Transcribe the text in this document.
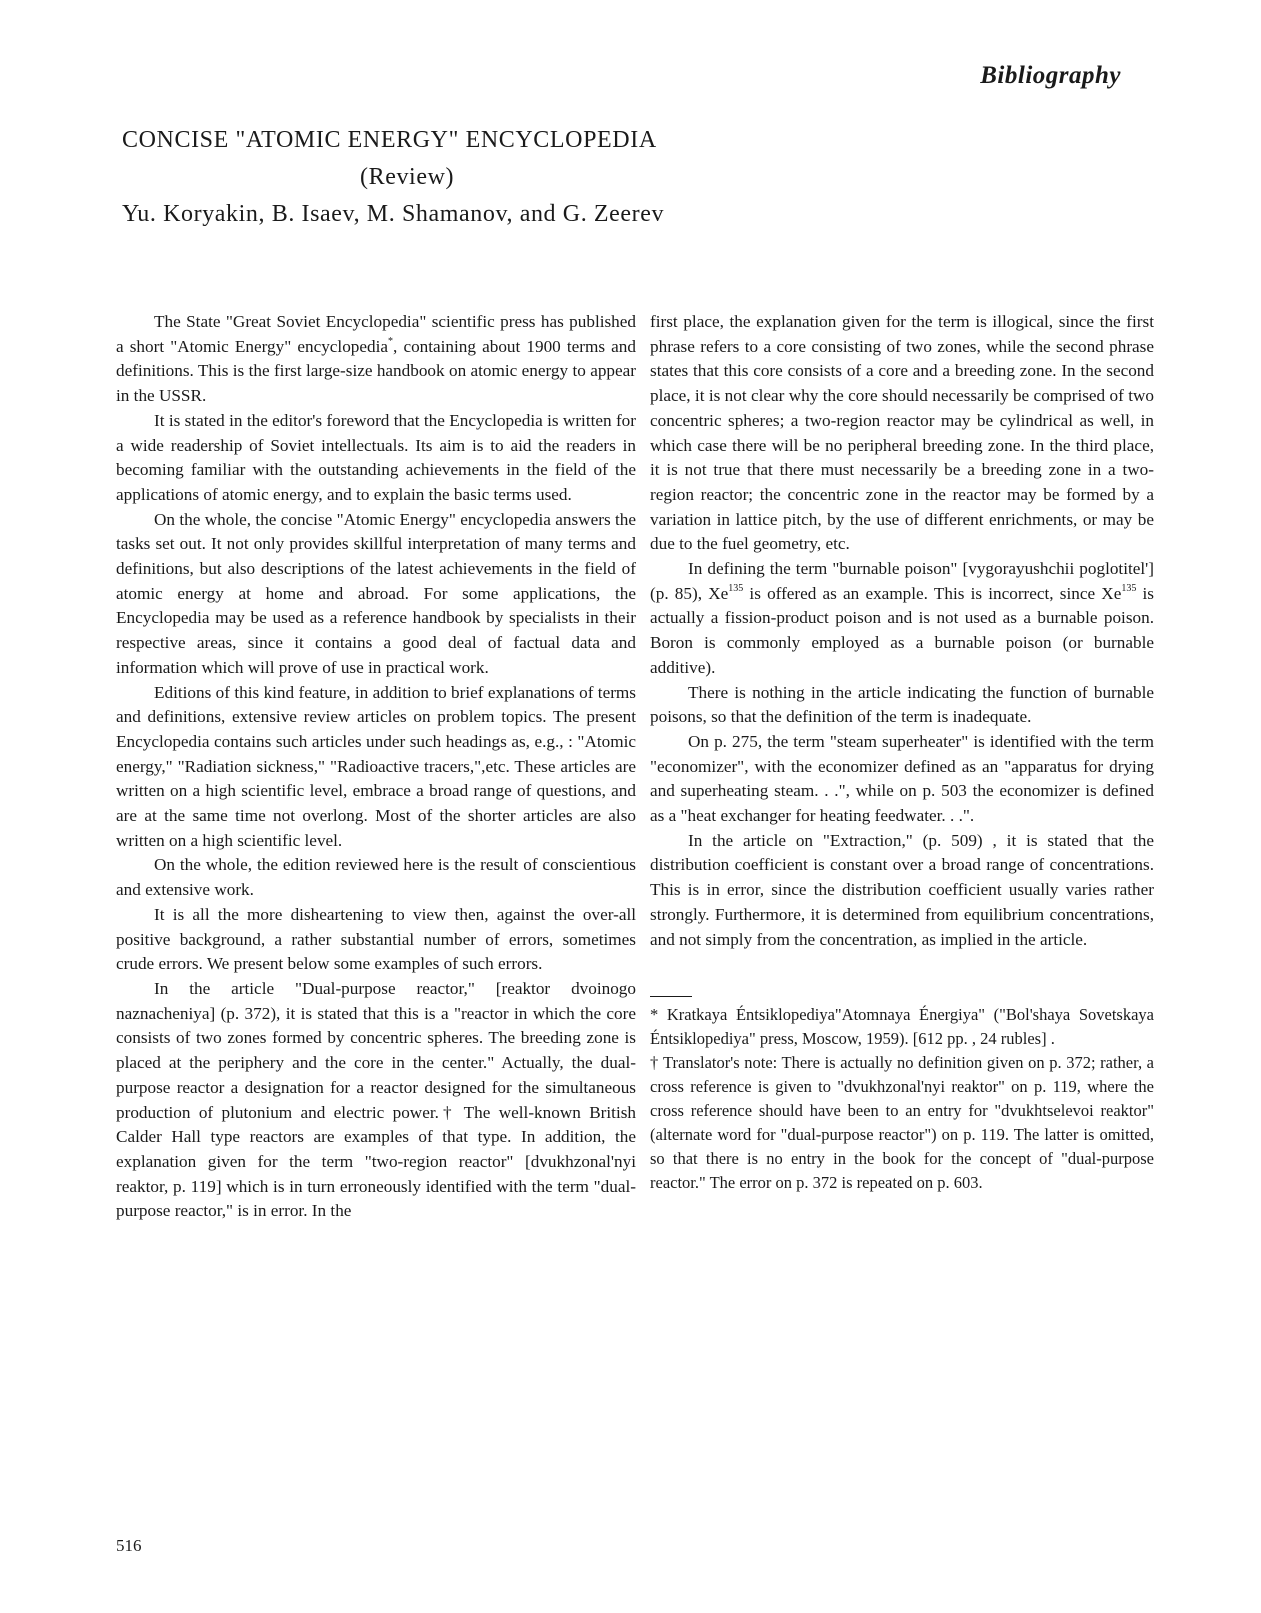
Bibliography
CONCISE "ATOMIC ENERGY" ENCYCLOPEDIA
(Review)
Yu. Koryakin, B. Isaev, M. Shamanov, and G. Zeerev

The State "Great Soviet Encyclopedia" scientific press has published a short "Atomic Energy" encyclopedia*, containing about 1900 terms and definitions. This is the first large-size handbook on atomic energy to appear in the USSR.

It is stated in the editor's foreword that the Encyclopedia is written for a wide readership of Soviet intellectuals. Its aim is to aid the readers in becoming familiar with the outstanding achievements in the field of the applications of atomic energy, and to explain the basic terms used.

On the whole, the concise "Atomic Energy" encyclopedia answers the tasks set out. It not only provides skillful interpretation of many terms and definitions, but also descriptions of the latest achievements in the field of atomic energy at home and abroad. For some applications, the Encyclopedia may be used as a reference handbook by specialists in their respective areas, since it contains a good deal of factual data and information which will prove of use in practical work.

Editions of this kind feature, in addition to brief explanations of terms and definitions, extensive review articles on problem topics. The present Encyclopedia contains such articles under such headings as, e.g., : "Atomic energy," "Radiation sickness," "Radioactive tracers,",etc. These articles are written on a high scientific level, embrace a broad range of questions, and are at the same time not overlong. Most of the shorter articles are also written on a high scientific level.

On the whole, the edition reviewed here is the result of conscientious and extensive work.

It is all the more disheartening to view then, against the over-all positive background, a rather substantial number of errors, sometimes crude errors. We present below some examples of such errors.

In the article "Dual-purpose reactor," [reaktor dvoinogo naznacheniya] (p. 372), it is stated that this is a "reactor in which the core consists of two zones formed by concentric spheres. The breeding zone is placed at the periphery and the core in the center." Actually, the dual-purpose reactor a designation for a reactor designed for the simultaneous production of plutonium and electric power.† The well-known British Calder Hall type reactors are examples of that type. In addition, the explanation given for the term "two-region reactor" [dvukhzonal'nyi reaktor, p. 119] which is in turn erroneously identified with the term "dual-purpose reactor," is in error. In the

first place, the explanation given for the term is illogical, since the first phrase refers to a core consisting of two zones, while the second phrase states that this core consists of a core and a breeding zone. In the second place, it is not clear why the core should necessarily be comprised of two concentric spheres; a two-region reactor may be cylindrical as well, in which case there will be no peripheral breeding zone. In the third place, it is not true that there must necessarily be a breeding zone in a two-region reactor; the concentric zone in the reactor may be formed by a variation in lattice pitch, by the use of different enrichments, or may be due to the fuel geometry, etc.

In defining the term "burnable poison" [vygorayushchii poglotitel'] (p. 85), Xe$^{135}$ is offered as an example. This is incorrect, since Xe$^{135}$ is actually a fission-product poison and is not used as a burnable poison. Boron is commonly employed as a burnable poison (or burnable additive).

There is nothing in the article indicating the function of burnable poisons, so that the definition of the term is inadequate.

On p. 275, the term "steam superheater" is identified with the term "economizer", with the economizer defined as an "apparatus for drying and superheating steam. . .", while on p. 503 the economizer is defined as a "heat exchanger for heating feedwater. . .".

In the article on "Extraction," (p. 509) , it is stated that the distribution coefficient is constant over a broad range of concentrations. This is in error, since the distribution coefficient usually varies rather strongly. Furthermore, it is determined from equilibrium concentrations, and not simply from the concentration, as implied in the article.

* Kratkaya Éntsiklopediya"Atomnaya Énergiya" ("Bol'shaya Sovetskaya Éntsiklopediya" press, Moscow, 1959). [612 pp. , 24 rubles] .

† Translator's note: There is actually no definition given on p. 372; rather, a cross reference is given to "dvukhzonal'nyi reaktor" on p. 119, where the cross reference should have been to an entry for "dvukhtselevoi reaktor" (alternate word for "dual-purpose reactor") on p. 119. The latter is omitted, so that there is no entry in the book for the concept of "dual-purpose reactor." The error on p. 372 is repeated on p. 603.

516
